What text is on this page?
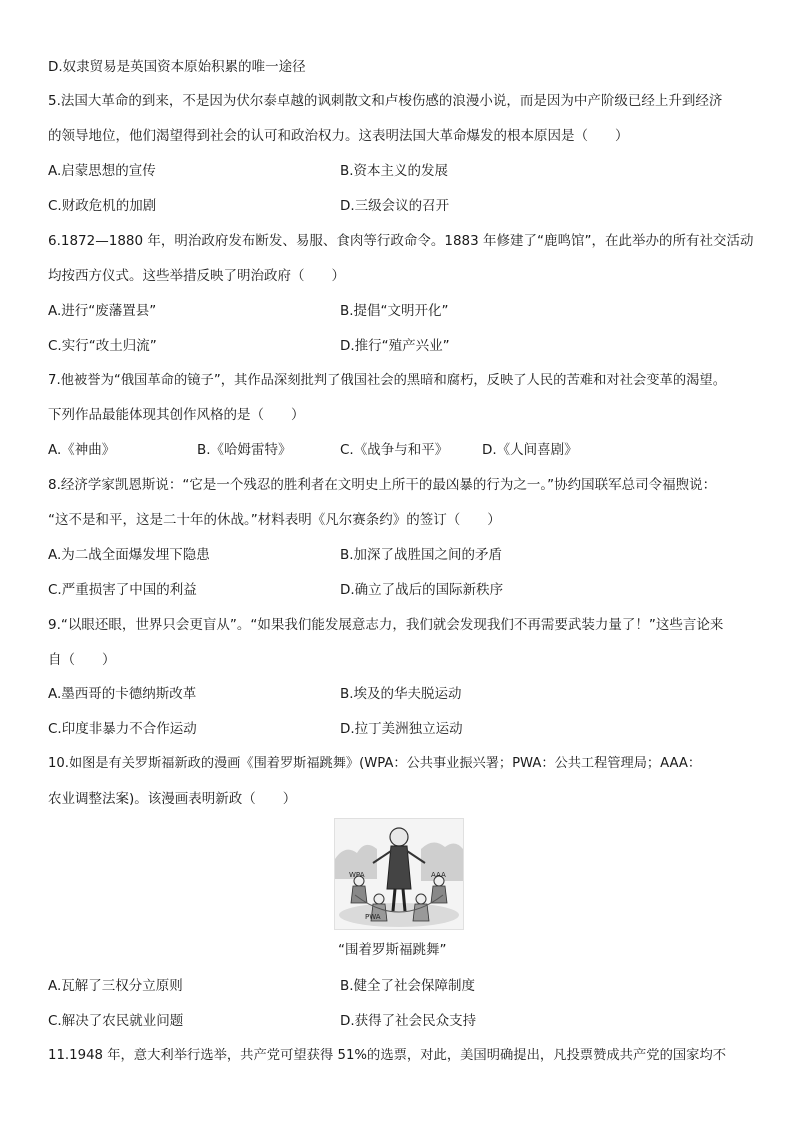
D.奴隶贸易是英国资本原始积累的唯一途径
5.法国大革命的到来，不是因为伏尔泰卓越的讽刺散文和卢梭伤感的浪漫小说，而是因为中产阶级已经上升到经济
的领导地位，他们渴望得到社会的认可和政治权力。这表明法国大革命爆发的根本原因是（　　）
A.启蒙思想的宣传	B.资本主义的发展
C.财政危机的加剧	D.三级会议的召开
6.1872—1880 年，明治政府发布断发、易服、食肉等行政命令。1883 年修建了“鹿鸣馆”，在此举办的所有社交活动
均按西方仪式。这些举措反映了明治政府（　　）
A.进行“废藩置县”	B.提倡“文明开化”
C.实行“改土归流”	D.推行“殖产兴业”
7.他被誉为“俄国革命的镜子”，其作品深刻批判了俄国社会的黑暗和腐朽，反映了人民的苦难和对社会变革的渴望。
下列作品最能体现其创作风格的是（　　）
A.《神曲》	B.《哈姆雷特》	C.《战争与和平》	D.《人间喜剧》
8.经济学家凯恩斯说：“它是一个残忍的胜利者在文明史上所干的最凶暴的行为之一。”协约国联军总司令福煦说：
“这不是和平，这是二十年的休战。”材料表明《凡尔赛条约》的签订（　　）
A.为二战全面爆发埋下隐患	B.加深了战胜国之间的矛盾
C.严重损害了中国的利益	D.确立了战后的国际新秩序
9.“以眼还眼，世界只会更盲从”。“如果我们能发展意志力，我们就会发现我们不再需要武装力量了！”这些言论来
自（　　）
A.墨西哥的卡德纳斯改革	B.埃及的华夫脱运动
C.印度非暴力不合作运动	D.拉丁美洲独立运动
10.如图是有关罗斯福新政的漫画《围着罗斯福跳舞》(WPA：公共事业振兴署；PWA：公共工程管理局；AAA：
农业调整法案)。该漫画表明新政（　　）
WPA
PWA
AAA
“围着罗斯福跳舞”
A.瓦解了三权分立原则	B.健全了社会保障制度
C.解决了农民就业问题	D.获得了社会民众支持
11.1948 年，意大利举行选举，共产党可望获得 51%的选票，对此，美国明确提出，凡投票赞成共产党的国家均不
